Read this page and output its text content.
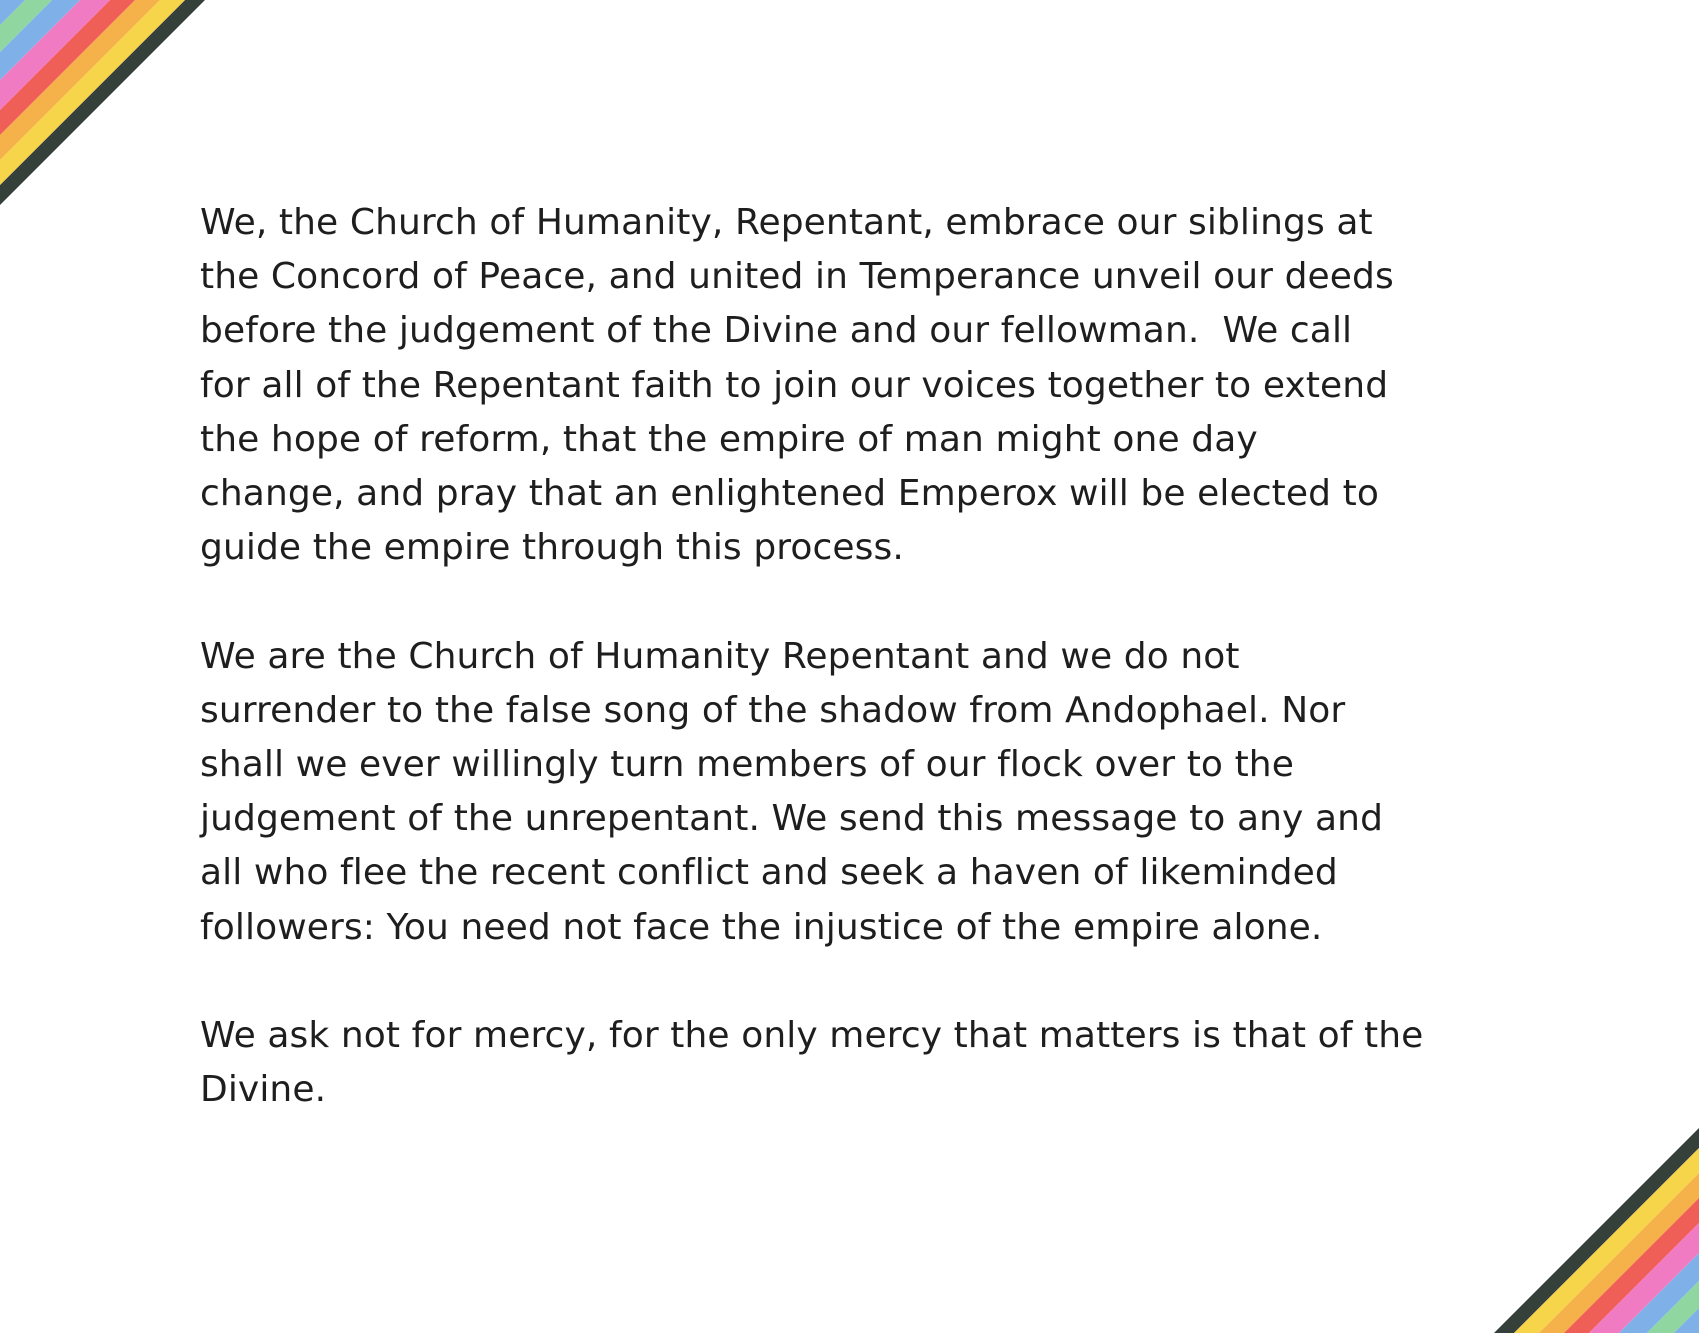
We, the Church of Humanity, Repentant, embrace our siblings at
the Concord of Peace, and united in Temperance unveil our deeds
before the judgement of the Divine and our fellowman.  We call
for all of the Repentant faith to join our voices together to extend
the hope of reform, that the empire of man might one day
change, and pray that an enlightened Emperox will be elected to
guide the empire through this process.
We are the Church of Humanity Repentant and we do not
surrender to the false song of the shadow from Andophael. Nor
shall we ever willingly turn members of our flock over to the
judgement of the unrepentant. We send this message to any and
all who flee the recent conflict and seek a haven of likeminded
followers: You need not face the injustice of the empire alone.
We ask not for mercy, for the only mercy that matters is that of the
Divine.
